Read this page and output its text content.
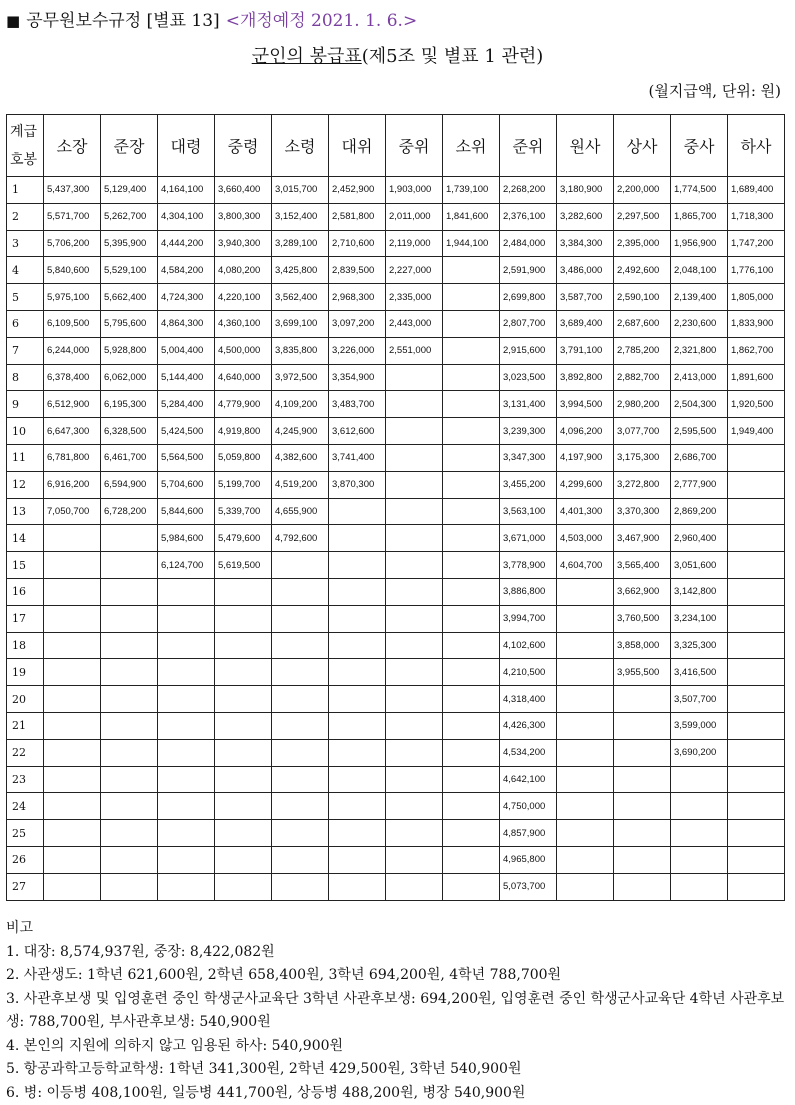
■ 공무원보수규정 [별표 13] <개정예정 2021. 1. 6.>
군인의 봉급표(제5조 및 별표 1 관련)
(월지급액, 단위: 원)
계급
호봉	소장	준장	대령	중령	소령	대위	중위	소위	준위	원사	상사	중사	하사
1	5,437,300	5,129,400	4,164,100	3,660,400	3,015,700	2,452,900	1,903,000	1,739,100	2,268,200	3,180,900	2,200,000	1,774,500	1,689,400
2	5,571,700	5,262,700	4,304,100	3,800,300	3,152,400	2,581,800	2,011,000	1,841,600	2,376,100	3,282,600	2,297,500	1,865,700	1,718,300
3	5,706,200	5,395,900	4,444,200	3,940,300	3,289,100	2,710,600	2,119,000	1,944,100	2,484,000	3,384,300	2,395,000	1,956,900	1,747,200
4	5,840,600	5,529,100	4,584,200	4,080,200	3,425,800	2,839,500	2,227,000		2,591,900	3,486,000	2,492,600	2,048,100	1,776,100
5	5,975,100	5,662,400	4,724,300	4,220,100	3,562,400	2,968,300	2,335,000		2,699,800	3,587,700	2,590,100	2,139,400	1,805,000
6	6,109,500	5,795,600	4,864,300	4,360,100	3,699,100	3,097,200	2,443,000		2,807,700	3,689,400	2,687,600	2,230,600	1,833,900
7	6,244,000	5,928,800	5,004,400	4,500,000	3,835,800	3,226,000	2,551,000		2,915,600	3,791,100	2,785,200	2,321,800	1,862,700
8	6,378,400	6,062,000	5,144,400	4,640,000	3,972,500	3,354,900			3,023,500	3,892,800	2,882,700	2,413,000	1,891,600
9	6,512,900	6,195,300	5,284,400	4,779,900	4,109,200	3,483,700			3,131,400	3,994,500	2,980,200	2,504,300	1,920,500
10	6,647,300	6,328,500	5,424,500	4,919,800	4,245,900	3,612,600			3,239,300	4,096,200	3,077,700	2,595,500	1,949,400
11	6,781,800	6,461,700	5,564,500	5,059,800	4,382,600	3,741,400			3,347,300	4,197,900	3,175,300	2,686,700	
12	6,916,200	6,594,900	5,704,600	5,199,700	4,519,200	3,870,300			3,455,200	4,299,600	3,272,800	2,777,900	
13	7,050,700	6,728,200	5,844,600	5,339,700	4,655,900				3,563,100	4,401,300	3,370,300	2,869,200	
14			5,984,600	5,479,600	4,792,600				3,671,000	4,503,000	3,467,900	2,960,400	
15			6,124,700	5,619,500					3,778,900	4,604,700	3,565,400	3,051,600	
16									3,886,800		3,662,900	3,142,800	
17									3,994,700		3,760,500	3,234,100	
18									4,102,600		3,858,000	3,325,300	
19									4,210,500		3,955,500	3,416,500	
20									4,318,400			3,507,700	
21									4,426,300			3,599,000	
22									4,534,200			3,690,200	
23									4,642,100				
24									4,750,000				
25									4,857,900				
26									4,965,800				
27									5,073,700				
비고
1. 대장: 8,574,937원, 중장: 8,422,082원
2. 사관생도: 1학년 621,600원, 2학년 658,400원, 3학년 694,200원, 4학년 788,700원
3. 사관후보생 및 입영훈련 중인 학생군사교육단 3학년 사관후보생: 694,200원, 입영훈련 중인 학생군사교육단 4학년 사관후보생: 788,700원, 부사관후보생: 540,900원
4. 본인의 지원에 의하지 않고 임용된 하사: 540,900원
5. 항공과학고등학교학생: 1학년 341,300원, 2학년 429,500원, 3학년 540,900원
6. 병: 이등병 408,100원, 일등병 441,700원, 상등병 488,200원, 병장 540,900원
